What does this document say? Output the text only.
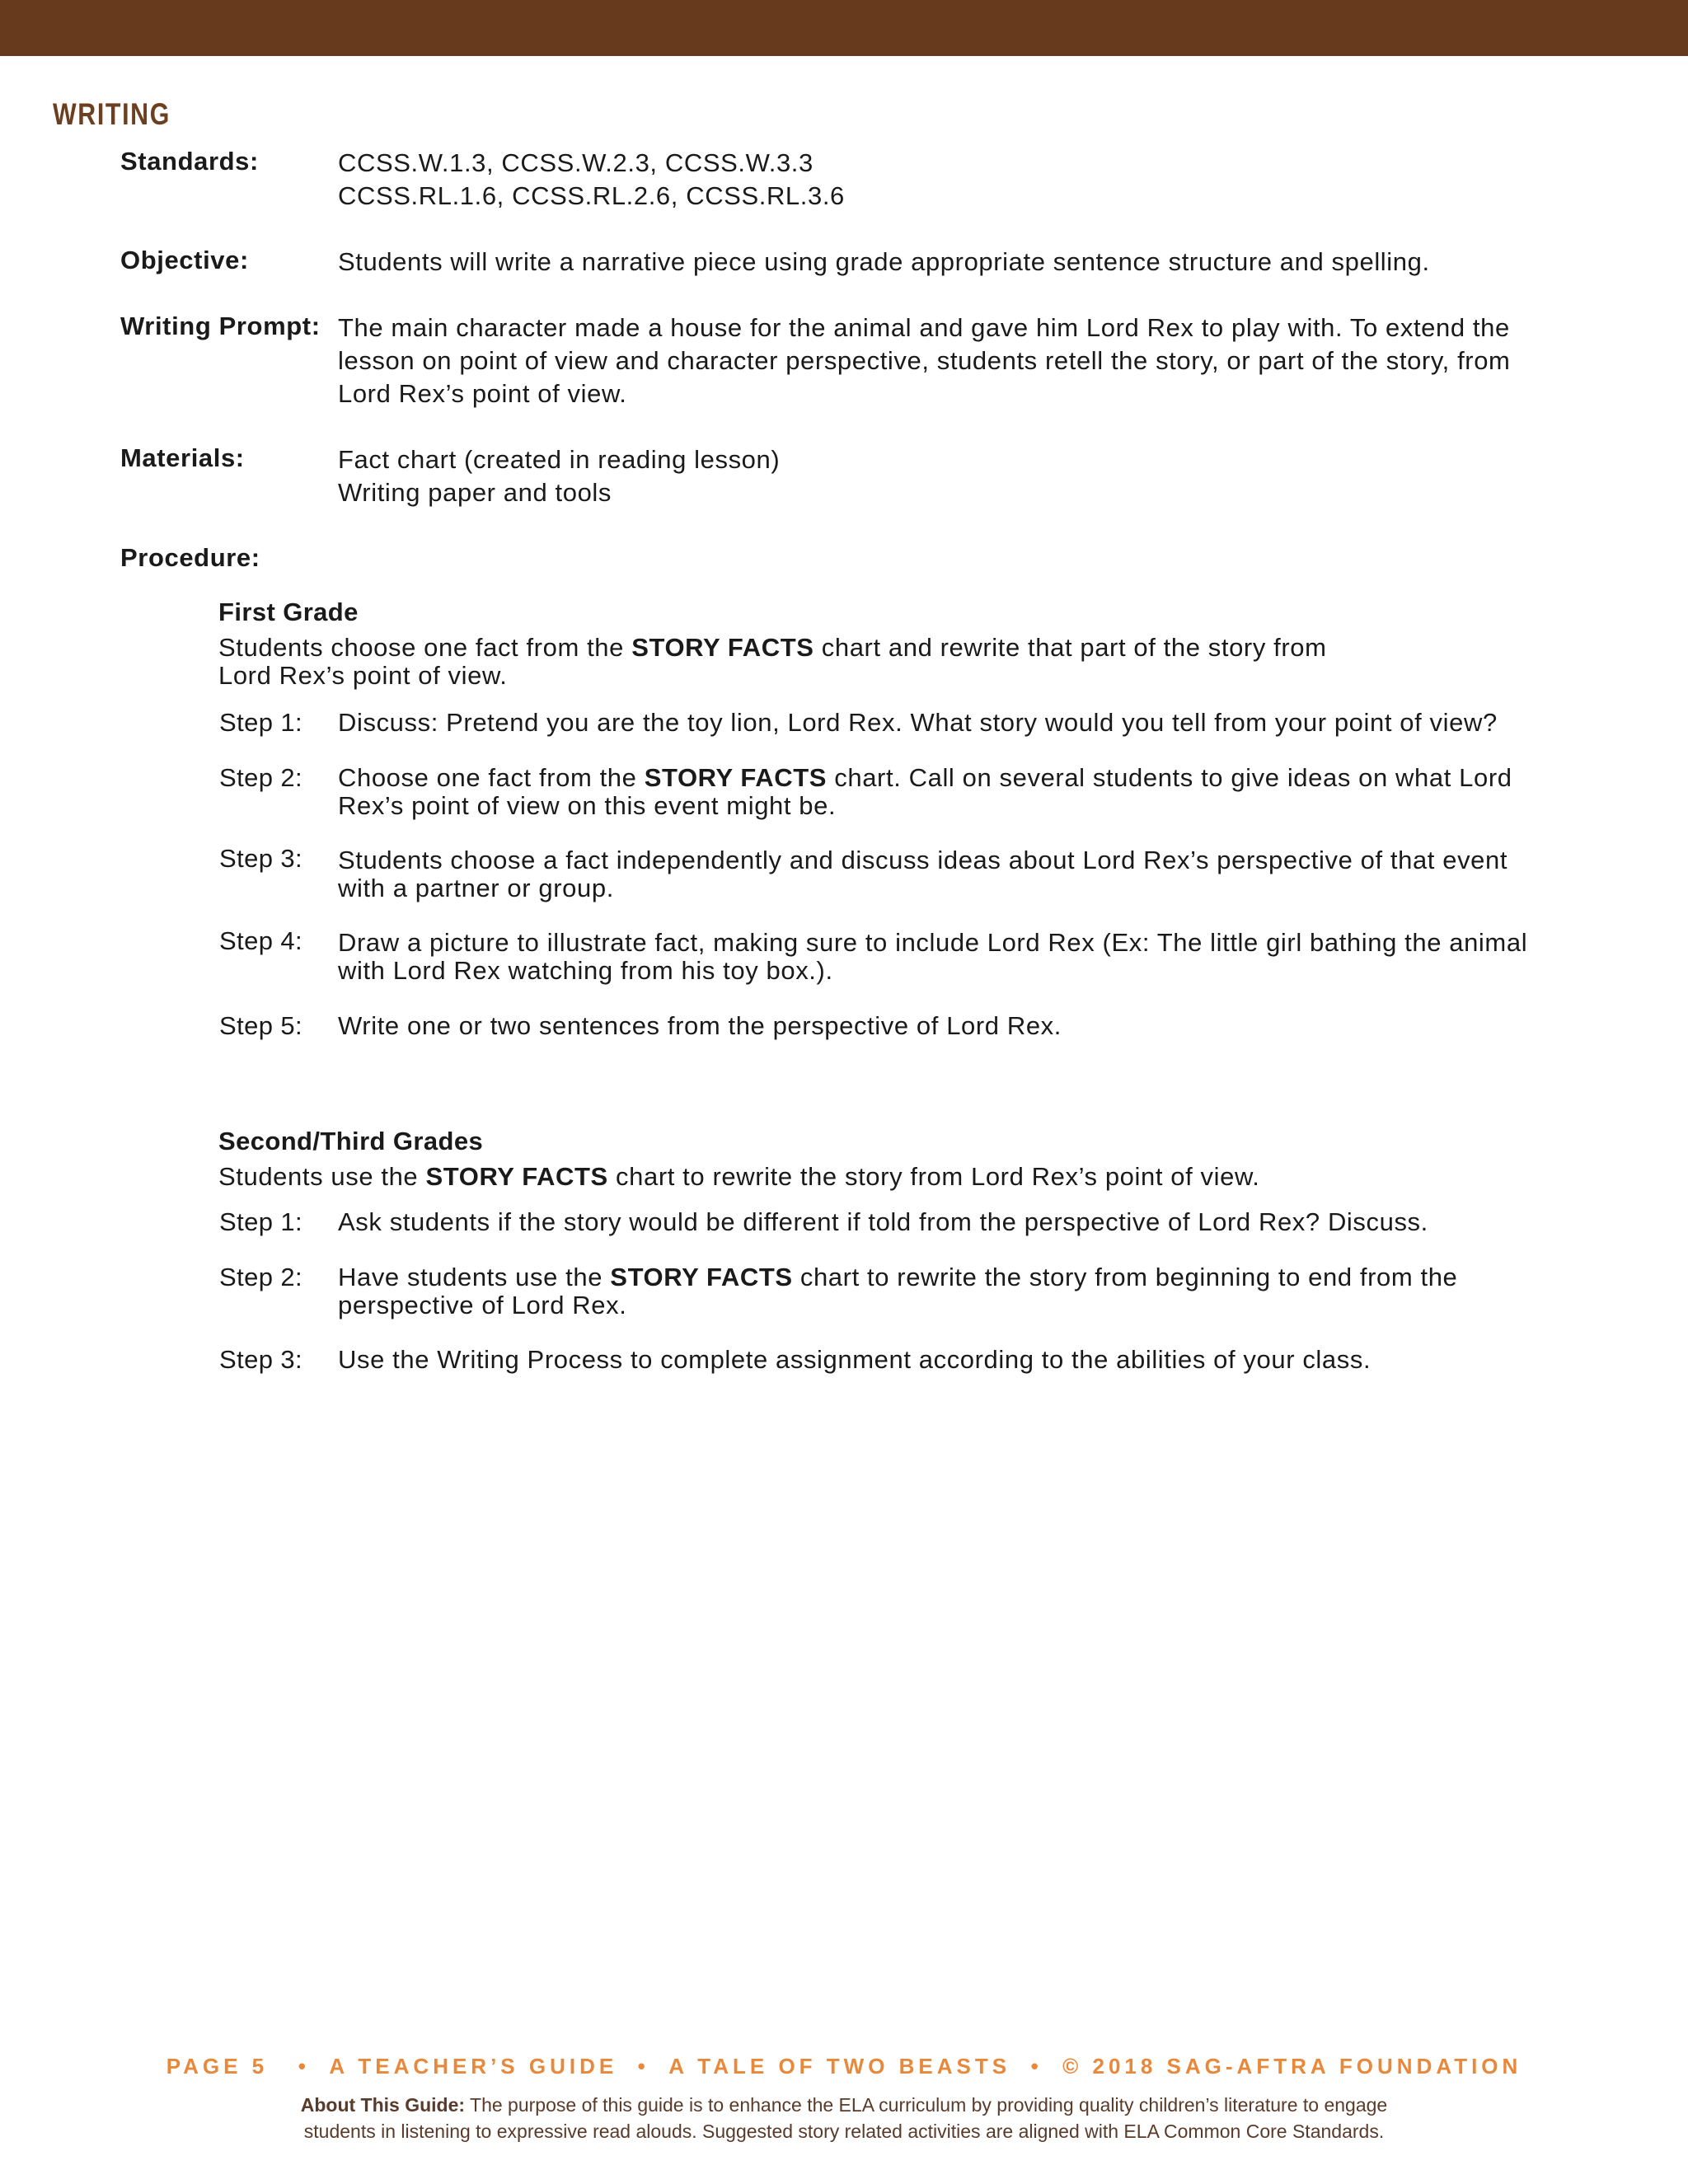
WRITING
Standards:	CCSS.W.1.3, CCSS.W.2.3, CCSS.W.3.3
CCSS.RL.1.6, CCSS.RL.2.6, CCSS.RL.3.6
Objective:	Students will write a narrative piece using grade appropriate sentence structure and spelling.
Writing Prompt: The main character made a house for the animal and gave him Lord Rex to play with. To extend the
lesson on point of view and character perspective, students retell the story, or part of the story, from
Lord Rex’s point of view.
Materials:	Fact chart (created in reading lesson)
Writing paper and tools
Procedure:
First Grade
Students choose one fact from the STORY FACTS chart and rewrite that part of the story from
Lord Rex’s point of view.
Step 1: Discuss: Pretend you are the toy lion, Lord Rex. What story would you tell from your point of view?
Step 2: Choose one fact from the STORY FACTS chart. Call on several students to give ideas on what Lord
Rex’s point of view on this event might be.
Step 3: Students choose a fact independently and discuss ideas about Lord Rex’s perspective of that event
with a partner or group.
Step 4: Draw a picture to illustrate fact, making sure to include Lord Rex (Ex: The little girl bathing the animal
with Lord Rex watching from his toy box.).
Step 5: Write one or two sentences from the perspective of Lord Rex.
Second/Third Grades
Students use the STORY FACTS chart to rewrite the story from Lord Rex’s point of view.
Step 1: Ask students if the story would be different if told from the perspective of Lord Rex? Discuss.
Step 2: Have students use the STORY FACTS chart to rewrite the story from beginning to end from the
perspective of Lord Rex.
Step 3: Use the Writing Process to complete assignment according to the abilities of your class.
PAGE 5   •  A TEACHER’S GUIDE  •  A TALE OF TWO BEASTS  •  © 2018 SAG-AFTRA FOUNDATION
About This Guide: The purpose of this guide is to enhance the ELA curriculum by providing quality children’s literature to engage
students in listening to expressive read alouds. Suggested story related activities are aligned with ELA Common Core Standards.
